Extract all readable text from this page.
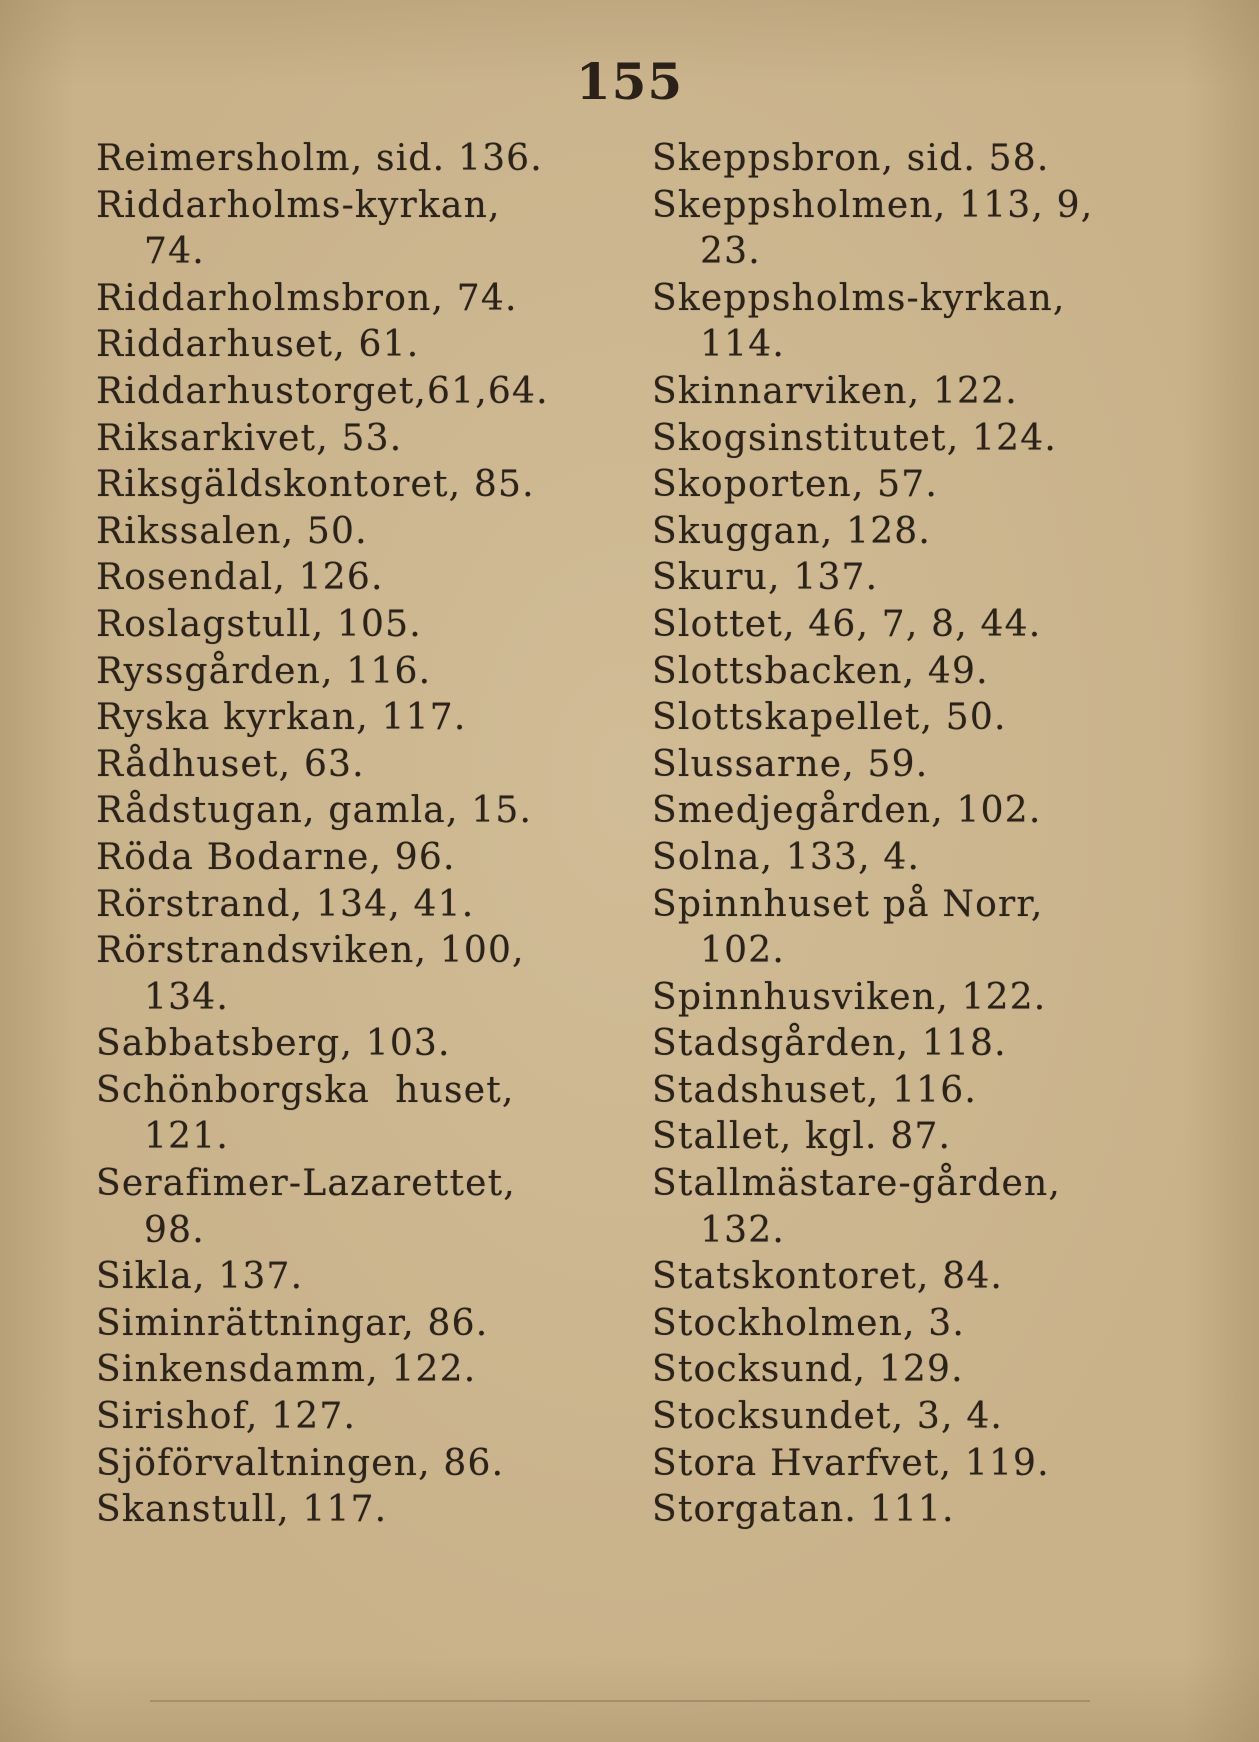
155
Reimersholm, sid. 136.
Riddarholms-kyrkan,
74.
Riddarholmsbron, 74.
Riddarhuset, 61.
Riddarhustorget,61,64.
Riksarkivet, 53.
Riksgäldskontoret, 85.
Rikssalen, 50.
Rosendal, 126.
Roslagstull, 105.
Ryssgården, 116.
Ryska kyrkan, 117.
Rådhuset, 63.
Rådstugan, gamla, 15.
Röda Bodarne, 96.
Rörstrand, 134, 41.
Rörstrandsviken, 100,
134.
Sabbatsberg, 103.
Schönborgska  huset,
121.
Serafimer-Lazarettet,
98.
Sikla, 137.
Siminrättningar, 86.
Sinkensdamm, 122.
Sirishof, 127.
Sjöförvaltningen, 86.
Skanstull, 117.
Skeppsbron, sid. 58.
Skeppsholmen, 113, 9,
23.
Skeppsholms-kyrkan,
114.
Skinnarviken, 122.
Skogsinstitutet, 124.
Skoporten, 57.
Skuggan, 128.
Skuru, 137.
Slottet, 46, 7, 8, 44.
Slottsbacken, 49.
Slottskapellet, 50.
Slussarne, 59.
Smedjegården, 102.
Solna, 133, 4.
Spinnhuset på Norr,
102.
Spinnhusviken, 122.
Stadsgården, 118.
Stadshuset, 116.
Stallet, kgl. 87.
Stallmästare-gården,
132.
Statskontoret, 84.
Stockholmen, 3.
Stocksund, 129.
Stocksundet, 3, 4.
Stora Hvarfvet, 119.
Storgatan. 111.
